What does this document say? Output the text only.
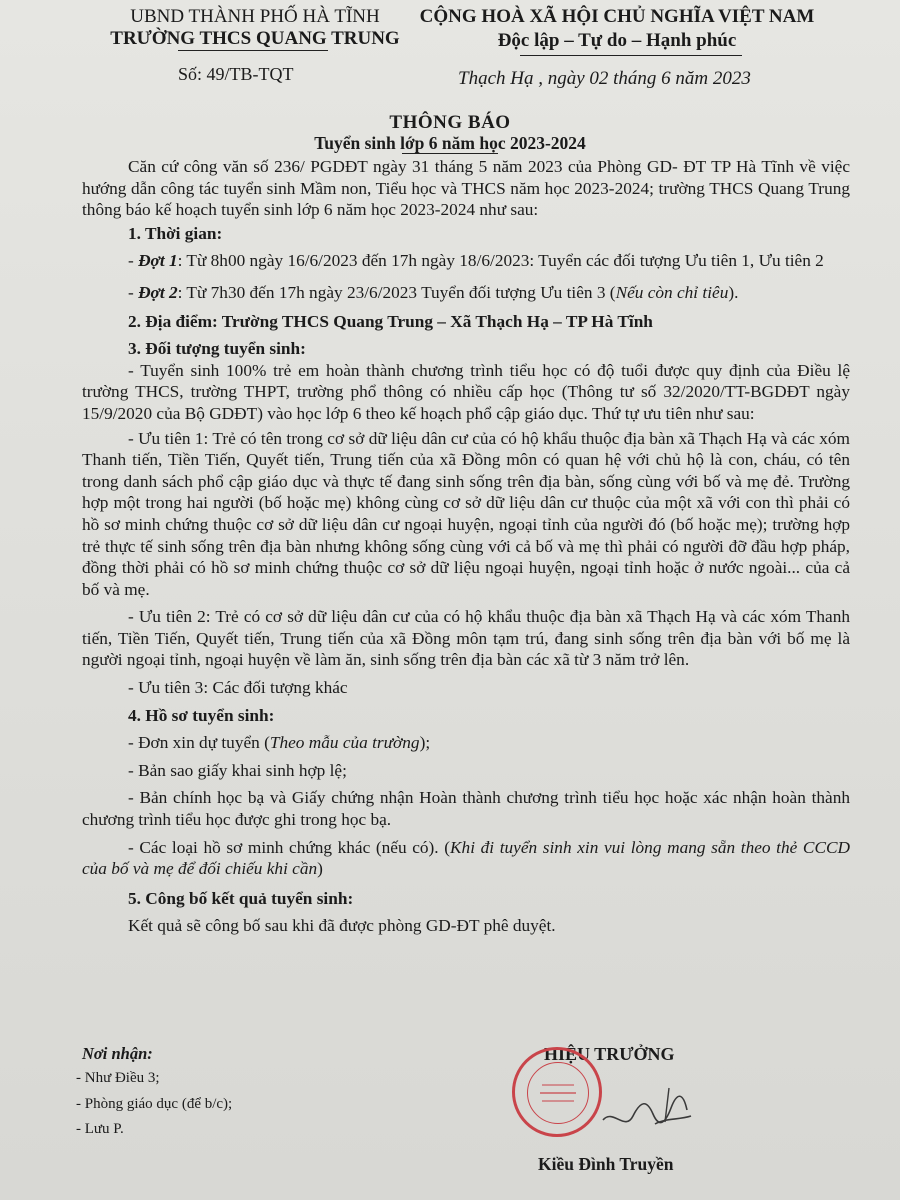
UBND THÀNH PHỐ HÀ TĨNH
TRƯỜNG THCS QUANG TRUNG
Số: 49/TB-TQT
CỘNG HOÀ XÃ HỘI CHỦ NGHĨA VIỆT NAM
Độc lập – Tự do – Hạnh phúc
Thạch Hạ , ngày 02 tháng 6 năm 2023
THÔNG BÁO
Tuyển sinh lớp 6 năm học 2023-2024

Căn cứ công văn số 236/ PGDĐT ngày 31 tháng 5 năm 2023 của Phòng GD- ĐT TP Hà Tĩnh về việc hướng dẫn công tác tuyển sinh Mầm non, Tiểu học và THCS năm học 2023-2024; trường THCS Quang Trung thông báo kế hoạch tuyển sinh lớp 6 năm học 2023-2024 như sau:

1. Thời gian:

- Đợt 1: Từ 8h00 ngày 16/6/2023 đến 17h ngày 18/6/2023: Tuyển các đối tượng Ưu tiên 1, Ưu tiên 2

- Đợt 2: Từ 7h30 đến 17h ngày 23/6/2023 Tuyển đối tượng Ưu tiên 3 (Nếu còn chỉ tiêu).

2. Địa điểm: Trường THCS Quang Trung – Xã Thạch Hạ – TP Hà Tĩnh

3. Đối tượng tuyển sinh:

- Tuyển sinh 100% trẻ em hoàn thành chương trình tiểu học có độ tuổi được quy định của Điều lệ trường THCS, trường THPT, trường phổ thông có nhiều cấp học (Thông tư số 32/2020/TT-BGDĐT ngày 15/9/2020 của Bộ GDĐT) vào học lớp 6 theo kế hoạch phổ cập giáo dục. Thứ tự ưu tiên như sau:

- Ưu tiên 1: Trẻ có tên trong cơ sở dữ liệu dân cư của có hộ khẩu thuộc địa bàn xã Thạch Hạ và các xóm Thanh tiến, Tiền Tiến, Quyết tiến, Trung tiến của xã Đồng môn có quan hệ với chủ hộ là con, cháu, có tên trong danh sách phổ cập giáo dục và thực tế đang sinh sống trên địa bàn, sống cùng với bố và mẹ đẻ. Trường hợp một trong hai người (bố hoặc mẹ) không cùng cơ sở dữ liệu dân cư thuộc của một xã với con thì phải có hồ sơ minh chứng thuộc cơ sở dữ liệu dân cư ngoại huyện, ngoại tỉnh của người đó (bố hoặc mẹ); trường hợp trẻ thực tế sinh sống trên địa bàn nhưng không sống cùng với cả bố và mẹ thì phải có người đỡ đầu hợp pháp, đồng thời phải có hồ sơ minh chứng thuộc cơ sở dữ liệu ngoại huyện, ngoại tỉnh hoặc ở nước ngoài... của cả bố và mẹ.

- Ưu tiên 2: Trẻ có cơ sở dữ liệu dân cư của có hộ khẩu thuộc địa bàn xã Thạch Hạ và các xóm Thanh tiến, Tiền Tiến, Quyết tiến, Trung tiến của xã Đồng môn tạm trú, đang sinh sống trên địa bàn với bố mẹ là người ngoại tỉnh, ngoại huyện về làm ăn, sinh sống trên địa bàn các xã từ 3 năm trở lên.

- Ưu tiên 3: Các đối tượng khác

4. Hồ sơ tuyển sinh:

- Đơn xin dự tuyển (Theo mẫu của trường);

- Bản sao giấy khai sinh hợp lệ;

- Bản chính học bạ và Giấy chứng nhận Hoàn thành chương trình tiểu học hoặc xác nhận hoàn thành chương trình tiểu học được ghi trong học bạ.

- Các loại hồ sơ minh chứng khác (nếu có). (Khi đi tuyển sinh xin vui lòng mang sẵn theo thẻ CCCD của bố và mẹ để đối chiếu khi cần)

5. Công bố kết quả tuyển sinh:

Kết quả sẽ công bố sau khi đã được phòng GD-ĐT phê duyệt.

Nơi nhận:
- Như Điều 3;
- Phòng giáo dục (để b/c);
- Lưu P.
HIỆU TRƯỞNG
Kiều Đình Truyền
